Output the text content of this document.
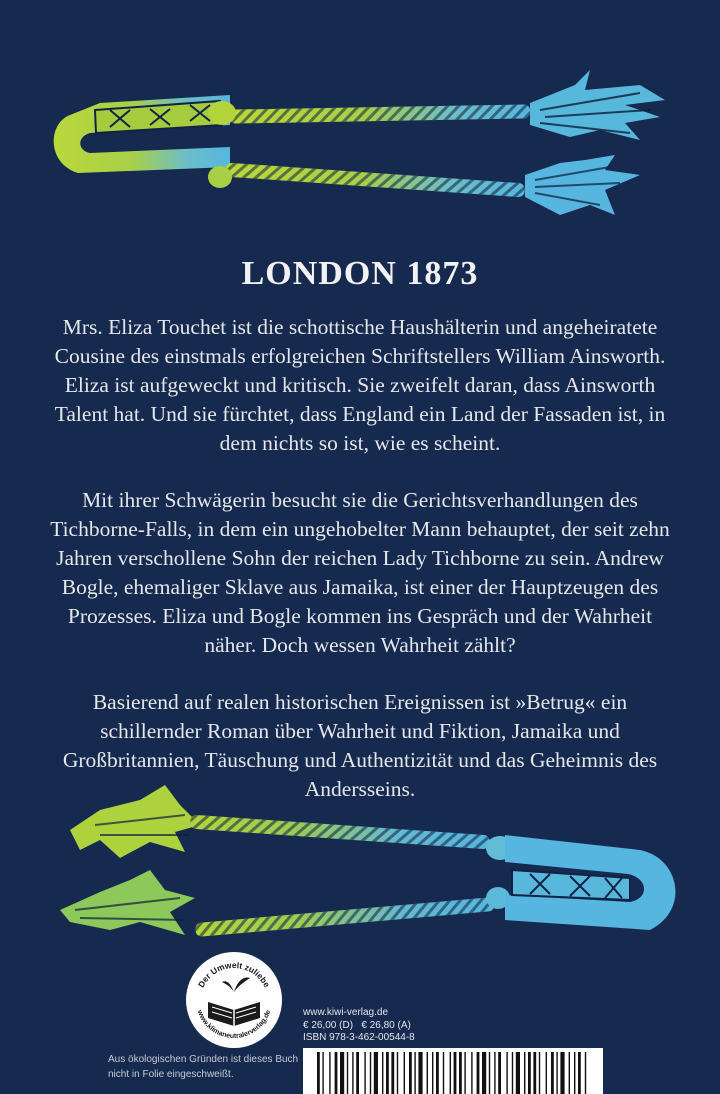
LONDON 1873

Mrs. Eliza Touchet ist die schottische Haushälterin und angeheiratete Cousine des einstmals erfolgreichen Schriftstellers William Ainsworth. Eliza ist aufgeweckt und kritisch. Sie zweifelt daran, dass Ainsworth Talent hat. Und sie fürchtet, dass England ein Land der Fassaden ist, in dem nichts so ist, wie es scheint.

Mit ihrer Schwägerin besucht sie die Gerichtsverhandlungen des Tichborne-Falls, in dem ein ungehobelter Mann behauptet, der seit zehn Jahren verschollene Sohn der reichen Lady Tichborne zu sein. Andrew Bogle, ehemaliger Sklave aus Jamaika, ist einer der Hauptzeugen des Prozesses. Eliza und Bogle kommen ins Gespräch und der Wahrheit näher. Doch wessen Wahrheit zählt?

Basierend auf realen historischen Ereignissen ist »Betrug« ein schillernder Roman über Wahrheit und Fiktion, Jamaika und Großbritannien, Täuschung und Authentizität und das Geheimnis des Andersseins.

Der Umwelt zuliebe
www.klimaneutralerverlag.de
Aus ökologischen Gründen ist dieses Buch nicht in Folie eingeschweißt.
www.kiwi-verlag.de
€ 26,00 (D)   € 26,80 (A)
ISBN 978-3-462-00544-8
